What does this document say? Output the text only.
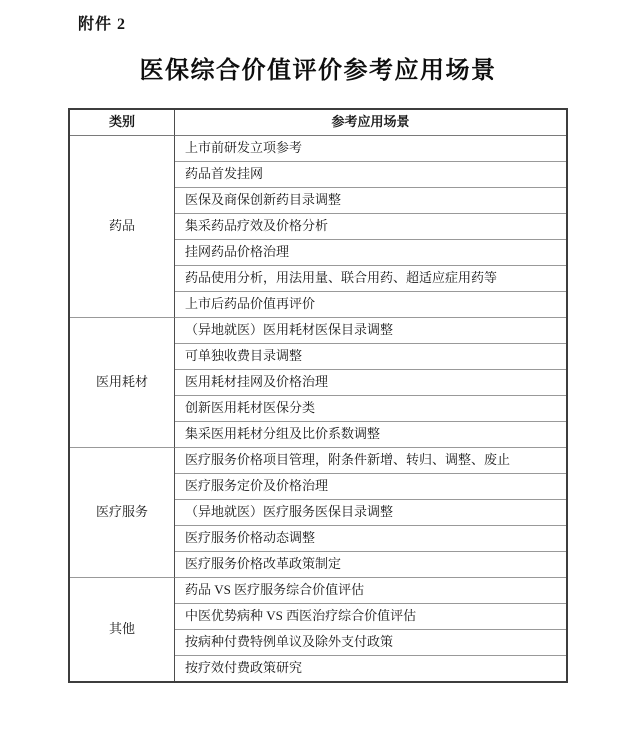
附件 2
医保综合价值评价参考应用场景
类别	参考应用场景
药品	上市前研发立项参考
	药品首发挂网
	医保及商保创新药目录调整
	集采药品疗效及价格分析
	挂网药品价格治理
	药品使用分析，用法用量、联合用药、超适应症用药等
	上市后药品价值再评价
医用耗材	（异地就医）医用耗材医保目录调整
	可单独收费目录调整
	医用耗材挂网及价格治理
	创新医用耗材医保分类
	集采医用耗材分组及比价系数调整
医疗服务	医疗服务价格项目管理，附条件新增、转归、调整、废止
	医疗服务定价及价格治理
	（异地就医）医疗服务医保目录调整
	医疗服务价格动态调整
	医疗服务价格改革政策制定
其他	药品 VS 医疗服务综合价值评估
	中医优势病种 VS 西医治疗综合价值评估
	按病种付费特例单议及除外支付政策
	按疗效付费政策研究
